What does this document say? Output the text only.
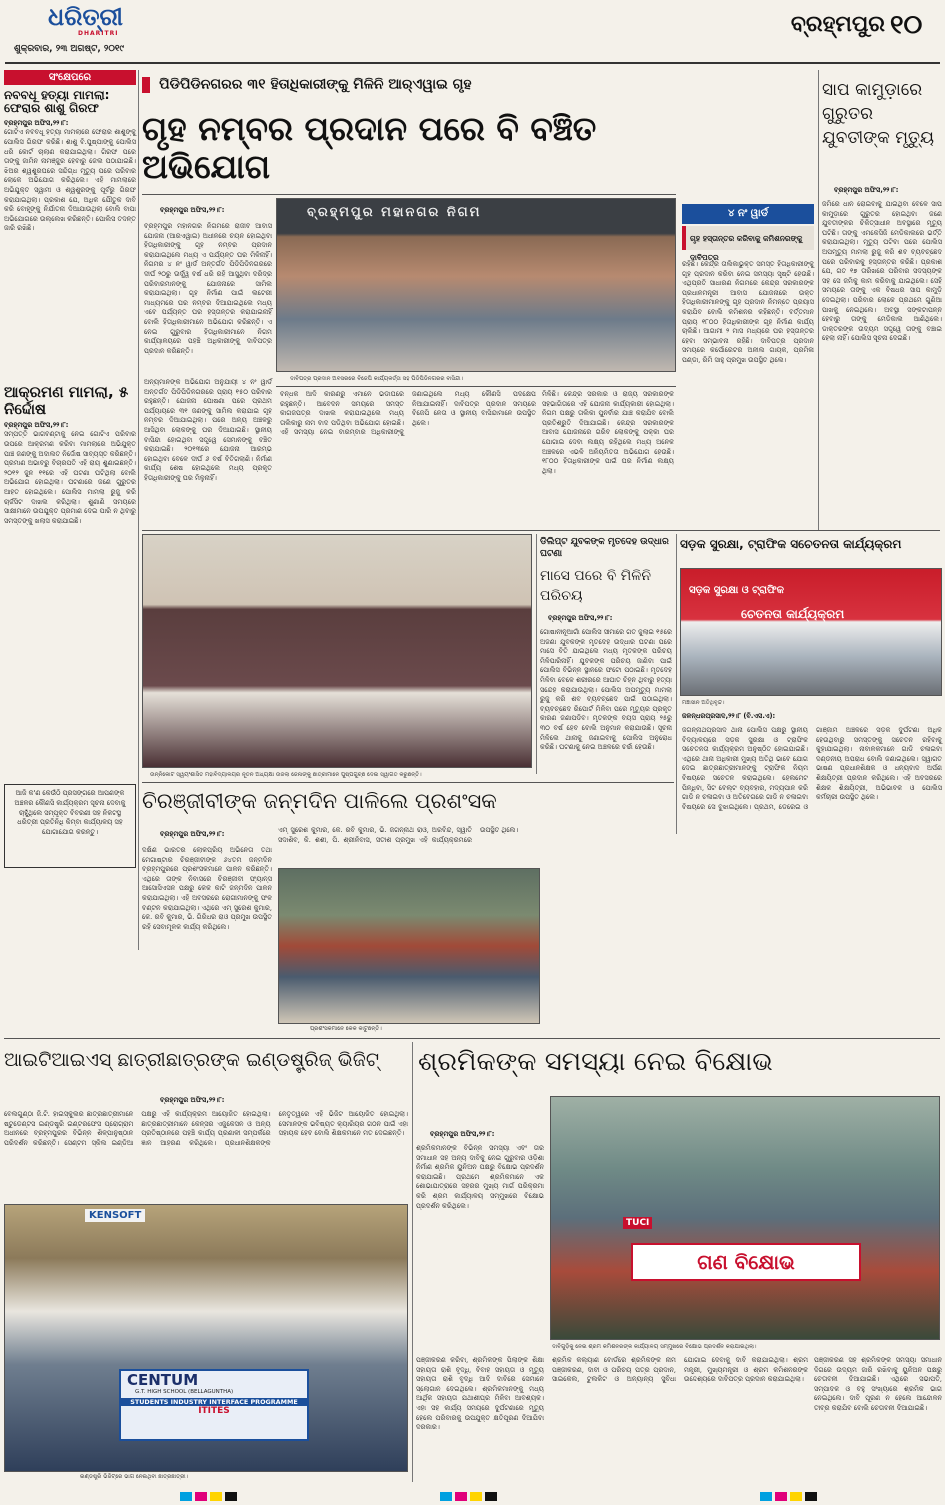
ଧରିତ୍ରୀ
DHARITRI
ଶୁକ୍ରବାର, ୨୩ ଅଗଷ୍ଟ, ୨୦୧୯
ବ୍ରହ୍ମପୁର ୧୦
ସଂକ୍ଷେପରେ
ନବବଧୂ ହତ୍ୟା ମାମଲା: ଫେରାର ଶାଶୁ ଗିରଫ
ବ୍ରହ୍ମପୁର ଅଫିସ,୨୨।୮:
ଗୋଟିଏ ନବବଧୂ ହତ୍ୟା ମାମଲାରେ ଫେରାର ଶାଶୁଙ୍କୁ ପୋଲିସ ଗିରଫ କରିଛି। ଶାଶୁ ବି.ପୁଷ୍ପାଙ୍କୁ ପୋଲିସ ଧରି କୋର୍ଟ ଚାଲାଣ କରାଯାଇଥିଲା। ଗିରଫ ପରେ ତାଙ୍କୁ ଜାମିନ ନାମଞ୍ଜୁର ହେବାରୁ ଜେଲ ପଠାଯାଇଛି। ଝିଅର ଶ୍ୱଶୁରଘରେ ସନ୍ଦିଗ୍ଧ ମୃତ୍ୟୁ ପରେ ପରିବାର ଲୋକେ ଅଭିଯୋଗ କରିଥିଲେ। ଏହି ମାମଲାରେ ଅଭିଯୁକ୍ତ ସ୍ୱାମୀ ଓ ଶ୍ୱଶୁରଙ୍କୁ ପୂର୍ବରୁ ଗିରଫ କରାଯାଇଥିଲା। ପ୍ରକାଶ ଯେ, ଅଧିକ ଯୌତୁକ ଦାବି କରି ବୋହୂଙ୍କୁ ନିର୍ଯାତନା ଦିଆଯାଉଥିଲା ବୋଲି ବାପା ଅଭିଯୋଗରେ ଉଲ୍ଲେଖ କରିଛନ୍ତି। ପୋଲିସ ତଦନ୍ତ ଜାରି ରଖିଛି।
ଆକ୍ରମଣ ମାମଲା, ୫ ନିର୍ଦ୍ଦୋଷ
ବ୍ରହ୍ମପୁର ଅଫିସ,୨୨।୮:
ସମ୍ପତ୍ତି ଭାଗବଣ୍ଟାକୁ ନେଇ ଗୋଟିଏ ପରିବାର ଉପରେ ଆକ୍ରମଣ କରିବା ମାମଲାରେ ଅଭିଯୁକ୍ତ ପାଞ୍ଚ ଜଣଙ୍କୁ ଅଦାଲତ ନିର୍ଦ୍ଦୋଷ ସାବ୍ୟସ୍ତ କରିଛନ୍ତି। ପ୍ରମାଣ ଅଭାବରୁ ବିଚାରପତି ଏହି ରାୟ ଶୁଣାଇଛନ୍ତି। ୨୦୧୨ ଜୁନ ୧୧ରେ ଏହି ଘଟଣା ଘଟିଥିଲା ବୋଲି ଅଭିଯୋଗ ହୋଇଥିଲା। ଘଟଣାରେ ଜଣେ ଗୁରୁତର ଆହତ ହୋଇଥିଲେ। ପୋଲିସ ମାମଲା ରୁଜୁ କରି ଚାର୍ଜସିଟ ଦାଖଲ କରିଥିଲା। ଶୁଣାଣି ସମୟରେ ସାକ୍ଷୀମାନେ ଉପଯୁକ୍ତ ପ୍ରମାଣ ଦେଇ ପାରି ନ ଥିବାରୁ ସମସ୍ତଙ୍କୁ ଖଲାସ କରାଯାଇଛି।
ଆଜି କ'ଣ କେଉଁଠି ପ୍ରସଙ୍ଗରେ ଆପଣଙ୍କ ଅଞ୍ଚଳର କୌଣସି କାର୍ଯ୍ୟକ୍ରମ ସୂଚନା ଦେବାକୁ ଚାହୁଁଥିଲେ ସମ୍ପୃକ୍ତ ବିବରଣୀ ସହ ନିକଟସ୍ଥ ଧରିତ୍ରୀ ପ୍ରତିନିଧି କିମ୍ବା କାର୍ଯ୍ୟାଳୟ ସହ ଯୋଗାଯୋଗ କରନ୍ତୁ।
ପିଡିପିଡିନଗରର ୩୧ ହିତାଧିକାରୀଙ୍କୁ ମିଳିନି ଆର୍‌ଏୱାଇ ଗୃହ
ଗୃହ ନମ୍ବର ପ୍ରଦାନ ପରେ ବି ବଞ୍ଚିତ ଅଭିଯୋଗ
ବ୍ରହ୍ମପୁର ଅଫିସ,୨୨।୮:
ବ୍ରହ୍ମପୁର ମହାନଗର ନିଗମରେ ରାଜୀବ ଆବାସ ଯୋଜନା (ଆରଏୱାଇ) ଅଧୀନରେ ଚୟନ ହୋଇଥିବା ହିତାଧିକାରୀଙ୍କୁ ଗୃହ ନମ୍ବର ପ୍ରଦାନ କରାଯାଇଥିଲେ ମଧ୍ୟ ଏ ପର୍ଯ୍ୟନ୍ତ ଘର ମିଳିନାହିଁ। ନିଗମର ୪ ନଂ ୱାର୍ଡ ଅନ୍ତର୍ଗତ ପିଡିପିଡିନଗରରେ ଦୀର୍ଘ ୨୦ରୁ ଊର୍ଦ୍ଧ୍ୱ ବର୍ଷ ଧରି ରହି ଆସୁଥିବା ଦରିଦ୍ର ପରିବାରମାନଙ୍କୁ ଯୋଜନାରେ ସାମିଲ କରାଯାଇଥିଲା। ଗୃହ ନିର୍ମାଣ ପାଇଁ ଲଟେରୀ ମାଧ୍ୟମରେ ଘର ନମ୍ବର ଦିଆଯାଇଥିଲେ ମଧ୍ୟ ଏବେ ପର୍ଯ୍ୟନ୍ତ ଘର ହସ୍ତାନ୍ତର କରାଯାଇନାହିଁ ବୋଲି ହିତାଧିକାରୀମାନେ ଅଭିଯୋଗ କରିଛନ୍ତି। ଏ ନେଇ ଗୁରୁବାର ହିତାଧିକାରୀମାନେ ନିଗମ କାର୍ଯ୍ୟାଳୟରେ ପହଞ୍ଚି ଅଧିକାରୀଙ୍କୁ ଦାବିପତ୍ର ପ୍ରଦାନ କରିଛନ୍ତି।
ବ୍ରହ୍ମପୁର ମହାନଗର ନିଗମ
ଦାବିପତ୍ର ପ୍ରଦାନ ଅବସରରେ ବିଜେପି କାର୍ଯ୍ୟକର୍ତ୍ତା ସହ ପିଡିପିଡିନଗରର ବାସିନ୍ଦା।
ଅନ୍ୟମାନଙ୍କ ଅଭିଯୋଗ ଅନୁଯାୟୀ ୪ ନଂ ୱାର୍ଡ ଅନ୍ତର୍ଗତ ପିଡିପିଡିନଗରରେ ପ୍ରାୟ ୧୫୦ ପରିବାର ରହୁଛନ୍ତି। ଯୋଜନା ଘୋଷଣା ପରେ ପ୍ରଥମ ପର୍ଯ୍ୟାୟରେ ୩୧ ଜଣଙ୍କୁ ସାମିଲ କରାଯାଇ ଗୃହ ନମ୍ବର ଦିଆଯାଇଥିଲା। ପରେ ଅନ୍ୟ ଅଞ୍ଚଳରୁ ଆସିଥିବା ଲୋକଙ୍କୁ ଘର ଦିଆଯାଇଛି। ସ୍ଥାନୀୟ ବାସିନ୍ଦା ହୋଇଥିବା ସତ୍ତ୍ୱେ ସେମାନଙ୍କୁ ବଞ୍ଚିତ କରାଯାଇଛି। ୨୦୧୩ରେ ଯୋଜନା ଆରମ୍ଭ ହୋଇଥିବା ବେଳେ ଦୀର୍ଘ ୬ ବର୍ଷ ବିତିଗଲାଣି। ନିର୍ମାଣ କାର୍ଯ୍ୟ ଶେଷ ହୋଇଥିଲେ ମଧ୍ୟ ପ୍ରକୃତ ହିତାଧିକାରୀଙ୍କୁ ଘର ମିଳୁନାହିଁ।
ବନ୍ଧକ ଆଦି କାରଣରୁ ଏମାନେ ଭଡାଘରେ ରହୁଛନ୍ତି। ଆବେଦନ ସମୟରେ ସମସ୍ତ କାଗଜପତ୍ର ଦାଖଲ କରାଯାଇଥିଲେ ମଧ୍ୟ ତାଲିକାରୁ ନାମ ବାଦ ପଡିଥିବା ଅଭିଯୋଗ ହୋଇଛି। ଏହି ସମସ୍ୟା ନେଇ ବାରମ୍ବାର ଅଧିକାରୀଙ୍କୁ ଜଣାଇଥିଲେ ମଧ୍ୟ କୌଣସି ପଦକ୍ଷେପ ନିଆଯାଇନାହିଁ। ଦାବିପତ୍ର ପ୍ରଦାନ ସମୟରେ ବିଜେପି ନେତା ଓ ସ୍ଥାନୀୟ ବାସିନ୍ଦାମାନେ ଉପସ୍ଥିତ ଥିଲେ।
ମିଳିଛି। କେନ୍ଦ୍ର ସରକାର ଓ ରାଜ୍ୟ ସରକାରଙ୍କ ସହଭାଗିତାରେ ଏହି ଯୋଜନା କାର୍ଯ୍ୟକାରୀ ହୋଇଥିଲା। ନିଗମ ପକ୍ଷରୁ ତାଲିକା ପୁନର୍ବାର ଯାଞ୍ଚ କରାଯିବ ବୋଲି ପ୍ରତିଶ୍ରୁତି ଦିଆଯାଇଛି। କେନ୍ଦ୍ର ସରକାରଙ୍କ ଆବାସ ଯୋଜନାରେ ଗରିବ ଲୋକଙ୍କୁ ପକ୍କା ଘର ଯୋଗାଇ ଦେବା ଲକ୍ଷ୍ୟ ରହିଥିଲେ ମଧ୍ୟ ଅନେକ ଅଞ୍ଚଳରେ ଏଭଳି ଅନିୟମିତତା ଅଭିଯୋଗ ହେଉଛି। ୧୮୦୦ ହିତାଧିକାରୀଙ୍କ ପାଇଁ ଘର ନିର୍ମାଣ ଲକ୍ଷ୍ୟ ଥିଲା।
ସାପ କାମୁଡ଼ାରେ ଗୁରୁତର ଯୁବତୀଙ୍କ ମୃତ୍ୟୁ
ବ୍ରହ୍ମପୁର ଅଫିସ,୨୨।୮:
ଜମିରେ ଧାନ ରୋଇବାକୁ ଯାଇଥିବା ବେଳେ ସାପ କାମୁଡ଼ାରେ ଗୁରୁତର ହୋଇଥିବା ଜଣେ ଯୁବତୀଙ୍କର ଚିକିତ୍ସାଧୀନ ଅବସ୍ଥାରେ ମୃତ୍ୟୁ ଘଟିଛି। ତାଙ୍କୁ ଏମକେସିଜି ମେଡିକାଲରେ ଭର୍ତ୍ତି କରାଯାଇଥିଲା। ମୃତ୍ୟୁ ଘଟିବା ପରେ ପୋଲିସ ଅପମୃତ୍ୟୁ ମାମଲା ରୁଜୁ କରି ଶବ ବ୍ୟବଚ୍ଛେଦ ପରେ ପରିବାରକୁ ହସ୍ତାନ୍ତର କରିଛି। ପ୍ରକାଶ ଯେ, ଗତ ୧୭ ତାରିଖରେ ପରିବାର ସଦସ୍ୟଙ୍କ ସହ ସେ ଜମିକୁ କାମ କରିବାକୁ ଯାଇଥିଲେ। ସେହି ସମୟରେ ତାଙ୍କୁ ଏକ ବିଷଧର ସାପ କାମୁଡ଼ି ଦେଇଥିଲା। ପରିବାର ଲୋକେ ପ୍ରଥମେ ଗୁଣିଆ ପାଖକୁ ନେଇଥିଲେ। ଅବସ୍ଥା ସଙ୍କଟାପନ୍ନ ହେବାରୁ ତାଙ୍କୁ ମେଡିକାଲ ଆଣିଥିଲେ। ଡାକ୍ତରଙ୍କ ଉଦ୍ୟମ ସତ୍ତ୍ୱେ ତାଙ୍କୁ ବଞ୍ଚାଇ ହେଲା ନାହିଁ। ପୋଲିସ ସୂଚନା ଦେଇଛି।
୪ ନଂ ୱାର୍ଡ
ଗୃହ ହସ୍ତାନ୍ତର କରିବାକୁ କମିଶନରଙ୍କୁ ଦାବିପତ୍ର
ରହିଛି। କେନ୍ଦ୍ର ତାଲିକାଭୁକ୍ତ ସମସ୍ତ ହିତାଧିକାରୀଙ୍କୁ ଗୃହ ପ୍ରଦାନ କରିବା ନେଇ ସମସ୍ୟା ସୃଷ୍ଟି ହେଉଛି। ଏଥିପ୍ରତି ସାଧାରଣ ନିଗମରେ କେନ୍ଦ୍ର ସରକାରଙ୍କ ପ୍ରଧାନମନ୍ତ୍ରୀ ଆବାସ ଯୋଜନାରେ ଉକ୍ତ ହିତାଧିକାରୀମାନଙ୍କୁ ଗୃହ ପ୍ରଦାନ ନିମନ୍ତେ ପ୍ରୟାସ କରାଯିବ ବୋଲି କମିଶନର କହିଛନ୍ତି। ବର୍ତ୍ତମାନ ପ୍ରାୟ ୧୮୦୦ ହିତାଧିକାରୀଙ୍କ ଗୃହ ନିର୍ମାଣ କାର୍ଯ୍ୟ ଚାଲିଛି। ଆଗାମୀ ୨ ମାସ ମଧ୍ୟରେ ଘର ହସ୍ତାନ୍ତର ହେବା ସମ୍ଭାବନା ରହିଛି। ଦାବିପତ୍ର ପ୍ରଦାନ ସମୟରେ କର୍ପୋରେଟର ଅନୀଲ ଗାୟକ, ପ୍ରମିଳା ପଣ୍ଡା, ରିମି ସାହୁ ପ୍ରମୁଖ ଉପସ୍ଥିତ ଥିଲେ।
ଉନ୍ନିକୋଟ ସ୍ୱୟଂଶାସିତ ମହାବିଦ୍ୟାଳୟର ନୂତନ ଅଧ୍ୟକ୍ଷା ଉଜଲା ଜେନାଙ୍କୁ ଛାତ୍ରୀମାନେ ପୁଷ୍ପଗୁଚ୍ଛ ଦେଇ ସ୍ୱାଗତ କରୁଛନ୍ତି।
ଡିଲିପ୍ଟ ଯୁବକଙ୍କ ମୃତଦେହ ଉଦ୍ଧାର ଘଟଣା
ମାସେ ପରେ ବି ମିଳିନି ପରିଚୟ
ବ୍ରହ୍ମପୁର ଅଫିସ,୨୨।୮:
ଗୋଷାନୀନୂଆଗାଁ ପୋଲିସ ସୀମାରେ ଗତ ଜୁଲାଇ ୧୫ରେ ଅଜଣା ଯୁବକଙ୍କ ମୃତଦେହ ଉଦ୍ଧାର ଘଟଣା ପରେ ମାସେ ବିତି ଯାଇଥିଲେ ମଧ୍ୟ ମୃତକଙ୍କ ପରିଚୟ ମିଳିପାରିନାହିଁ। ଯୁବକଙ୍କ ପରିଚୟ ଜାଣିବା ପାଇଁ ପୋଲିସ ବିଭିନ୍ନ ସ୍ଥାନରେ ଫଟୋ ପଠାଇଛି। ମୃତଦେହ ମିଳିବା ବେଳେ ଶରୀରରେ ଆଘାତ ଚିହ୍ନ ଥିବାରୁ ହତ୍ୟା ସନ୍ଦେହ କରାଯାଉଥିଲା। ପୋଲିସ ଅପମୃତ୍ୟୁ ମାମଲା ରୁଜୁ କରି ଶବ ବ୍ୟବଚ୍ଛେଦ ପାଇଁ ପଠାଇଥିଲା। ବ୍ୟବଚ୍ଛେଦ ରିପୋର୍ଟ ମିଳିବା ପରେ ମୃତ୍ୟୁର ପ୍ରକୃତ କାରଣ ଜଣାପଡିବ। ମୃତକଙ୍କ ବୟସ ପ୍ରାୟ ୨୫ରୁ ୩୦ ବର୍ଷ ହେବ ବୋଲି ଅନୁମାନ କରାଯାଉଛି। ସୂଚନା ମିଳିଲେ ଥାନାକୁ ଜଣାଇବାକୁ ପୋଲିସ ଅନୁରୋଧ କରିଛି। ଘଟଣାକୁ ନେଇ ଅଞ୍ଚଳରେ ଚର୍ଚ୍ଚା ହେଉଛି।
ସଡ଼କ ସୁରକ୍ଷା, ଟ୍ରାଫିକ ସଚେତନତା କାର୍ଯ୍ୟକ୍ରମ
ସଡ଼କ ସୁରକ୍ଷା ଓ ଟ୍ରାଫିକ
ଚେତନତା କାର୍ଯ୍ୟକ୍ରମ
ମଞ୍ଚାସୀନ ଅତିଥିବୃନ୍ଦ।
ଜଳନ୍ଧରପ୍ରସାଦ,୨୨।୮ (ବି.ଏସ.ଏ):
ଜଗନ୍ନାଥପ୍ରସାଦ ଥାନା ପୋଲିସ ପକ୍ଷରୁ ସ୍ଥାନୀୟ ବିଦ୍ୟାଳୟରେ ସଡ଼କ ସୁରକ୍ଷା ଓ ଟ୍ରାଫିକ ସଚେତନତା କାର୍ଯ୍ୟକ୍ରମ ଅନୁଷ୍ଠିତ ହୋଇଯାଇଛି। ଏଥିରେ ଥାନା ଅଧିକାରୀ ମୁଖ୍ୟ ଅତିଥି ଭାବେ ଯୋଗ ଦେଇ ଛାତ୍ରଛାତ୍ରୀମାନଙ୍କୁ ଟ୍ରାଫିକ ନିୟମ ବିଷୟରେ ସଚେତନ କରାଇଥିଲେ। ହେଲମେଟ ପିନ୍ଧିବା, ସିଟ ବେଲ୍ଟ ବ୍ୟବହାର, ମଦ୍ୟପାନ କରି ଗାଡି ନ ଚଳାଇବା ଓ ଅତିବେଗରେ ଗାଡି ନ ଚଳାଇବା ବିଷୟରେ ସେ ବୁଝାଇଥିଲେ। ପ୍ରଥମ, ଡେରେଇ ଓ ଗାଞ୍ଜାମ ଅଞ୍ଚଳରେ ସଡ଼କ ଦୁର୍ଘଟଣା ଅଧିକ ହେଉଥିବାରୁ ସମସ୍ତଙ୍କୁ ସଚେତନ ରହିବାକୁ କୁହାଯାଇଥିଲା। ନାବାଳକମାନେ ଗାଡି ଚଳାଇବା ଦଣ୍ଡନୀୟ ଅପରାଧ ବୋଲି ଜଣାଇଥିଲେ। ସ୍ୱାଗତ ଭାଷଣ ପ୍ରଧାନଶିକ୍ଷକ ଓ ଧନ୍ୟବାଦ ଅର୍ପଣ ଶିକ୍ଷୟିତ୍ରୀ ପ୍ରଦାନ କରିଥିଲେ। ଏହି ଅବସରରେ ଶିକ୍ଷକ ଶିକ୍ଷୟିତ୍ରୀ, ଅଭିଭାବକ ଓ ପୋଲିସ କର୍ମଚାରୀ ଉପସ୍ଥିତ ଥିଲେ।
ଚିରଞ୍ଜୀବୀଙ୍କ ଜନ୍ମଦିନ ପାଳିଲେ ପ୍ରଶଂସକ
ବ୍ରହ୍ମପୁର ଅଫିସ,୨୨।୮:
ଦକ୍ଷିଣ ଭାରତର ଲୋକପ୍ରିୟ ଅଭିନେତା ତଥା ମେଗାଷ୍ଟାର ଚିରଞ୍ଜୀବୀଙ୍କ ୬୪ତମ ଜନ୍ମଦିନ ବ୍ରହ୍ମପୁରରେ ପ୍ରଶଂସକମାନେ ପାଳନ କରିଛନ୍ତି। ଏଥିରେ ତାଙ୍କ ନିବାସରେ ଚିରଞ୍ଜୀବୀ ଫ୍ୟାନ୍ସ ଆସୋସିଏସନ ପକ୍ଷରୁ କେକ କାଟି ଜନ୍ମଦିନ ପାଳନ କରାଯାଇଥିଲା। ଏହି ଅବସରରେ ରୋଗୀମାନଙ୍କୁ ଫଳ ବଣ୍ଟନ କରାଯାଇଥିଲା। ଏଥିରେ ଏମ୍‌ ସୁରେଶ କୁମାର, କେ. ରବି କୁମାର, ଭି. ଗିରିଧର ରାଓ ପ୍ରମୁଖ ଉପସ୍ଥିତ ରହି ସେବାମୂଳକ କାର୍ଯ୍ୟ କରିଥିଲେ।
ଏମ୍‌ ସୁରେଶ କୁମାର, କେ. ରବି କୁମାର, ଭି. ଜଗନ୍ନାଥ ରାଓ, ଅରବିନ୍ଦ, ସ୍ୱାତି ସଦାଶିବ, କି. ଶଶୀ, ପି. ଶ୍ରୀନିବାସ, ସତୀଶ ପ୍ରମୁଖ ଏହି କାର୍ଯ୍ୟକ୍ରମରେ ଉପସ୍ଥିତ ଥିଲେ।
ପ୍ରଶଂସକମାନେ କେକ କାଟୁଛନ୍ତି।
ଆଇଟିଆଇଏସ୍‌ ଛାତ୍ରୀଛାତ୍ରଙ୍କ ଇଣ୍ଡଷ୍ଟ୍ରିଜ୍ ଭିଜିଟ୍
ବ୍ରହ୍ମପୁର ଅଫିସ,୨୨।୮:
ବେଲଗୁଣ୍ଠା ଜି.ଟି. ହାଇସ୍କୁଲର ଛାତ୍ରଛାତ୍ରୀମାନେ ଷ୍ଟୁଡେଣ୍ଟସ ଇଣ୍ଡଷ୍ଟ୍ରି ଇଣ୍ଟରଫେସ ପ୍ରୋଗ୍ରାମ ଅଧୀନରେ ବ୍ରହ୍ମପୁରର ବିଭିନ୍ନ ଶିଳ୍ପାନୁଷ୍ଠାନ ପରିଦର୍ଶନ କରିଛନ୍ତି। ସେଣ୍ଟମ ସ୍କିଲ ଇଣ୍ଡିଆ ପକ୍ଷରୁ ଏହି କାର୍ଯ୍ୟକ୍ରମ ଆୟୋଜିତ ହୋଇଥିଲା। ଛାତ୍ରଛାତ୍ରୀମାନେ କେନ୍‌ସର ଏଜୁକେସନ ଓ ଅନ୍ୟ ପ୍ରତିଷ୍ଠାନରେ ପହଞ୍ଚି କାର୍ଯ୍ୟ ପ୍ରଣାଳୀ ସମ୍ପର୍କରେ ଜ୍ଞାନ ଆହରଣ କରିଥିଲେ। ପ୍ରଧାନଶିକ୍ଷକଙ୍କ ନେତୃତ୍ୱରେ ଏହି ଭିଜିଟ ଆୟୋଜିତ ହୋଇଥିଲା। ସେମାନଙ୍କ ଭବିଷ୍ୟତ କ୍ୟାରିୟର ଗଠନ ପାଇଁ ଏହା ସହାୟକ ହେବ ବୋଲି ଶିକ୍ଷକମାନେ ମତ ଦେଇଛନ୍ତି।
KENSOFT
CENTUM
G.T. HIGH SCHOOL (BELLAGUNTHA)
STUDENTS INDUSTRY INTERFACE PROGRAMME
ITITES
ଇଣ୍ଡଷ୍ଟ୍ରି ଭିଜିଟ୍‌ରେ ଭାଗ ନେଇଥିବା ଛାତ୍ରଛାତ୍ରୀ।
ଶ୍ରମିକଙ୍କ ସମସ୍ୟା ନେଇ ବିକ୍ଷୋଭ
ବ୍ରହ୍ମପୁର ଅଫିସ,୨୨।୮:
ଶ୍ରମିକମାନଙ୍କ ବିଭିନ୍ନ ସମସ୍ୟା ଏବଂ ତାର ସମାଧାନ ସହ ଅନ୍ୟ ଦାବିକୁ ନେଇ ଗୁରୁବାର ଓଡ଼ିଶା ନିର୍ମାଣ ଶ୍ରମିକ ୟୁନିଅନ ପକ୍ଷରୁ ବିକ୍ଷୋଭ ପ୍ରଦର୍ଶନ କରାଯାଇଛି। ପ୍ରଥମେ ଶ୍ରମିକମାନେ ଏକ ଶୋଭାଯାତ୍ରାରେ ସହରର ମୁଖ୍ୟ ମାର୍ଗ ପରିକ୍ରମା କରି ଶ୍ରମ କାର୍ଯ୍ୟାଳୟ ସମ୍ମୁଖରେ ବିକ୍ଷୋଭ ପ୍ରଦର୍ଶନ କରିଥିଲେ।
ଗଣ ବିକ୍ଷୋଭ
TUCI
ଦାବିଗୁଡ଼ିକୁ ନେଇ ଶ୍ରମ କମିଶନରଙ୍କ କାର୍ଯ୍ୟାଳୟ ସମ୍ମୁଖରେ ବିକ୍ଷୋଭ ପ୍ରଦର୍ଶନ କରାଯାଇଥିଲା।
ପଞ୍ଜୀକରଣ କରିବା, ଶ୍ରମିକଙ୍କ ପିଲାଙ୍କ ଶିକ୍ଷା ସହାୟତା ରାଶି ବୃଦ୍ଧି, ବିବାହ ସହାୟତା ଓ ମୃତ୍ୟୁ ସହାୟତା ରାଶି ବୃଦ୍ଧି ଆଦି ଦାବିରେ ସେମାନେ ସ୍ଲୋଗାନ ଦେଇଥିଲେ। ଶ୍ରମିକମାନଙ୍କୁ ମଧ୍ୟ ଆର୍ଥିକ ସହାୟତା ଯଥାଶୀଘ୍ର ମିଳିବା ଆବଶ୍ୟକ। ଏହା ସହ କାର୍ଯ୍ୟ ସମୟରେ ଦୁର୍ଘଟଣାରେ ମୃତ୍ୟୁ ହେଲେ ପରିବାରକୁ ଉପଯୁକ୍ତ କ୍ଷତିପୂରଣ ଦିଆଯିବା ଦରକାର।
ଶ୍ରମିକ କଲ୍ୟାଣ ବୋର୍ଡରେ ଶ୍ରମିକଙ୍କ ନାମ ପଞ୍ଜୀକରଣ, ଦାବୀ ଓ ପରିଚୟ ପତ୍ର ପ୍ରଦାନ, ସାଇକେଲ, ଟୁଲକିଟ ଓ ଅନ୍ୟାନ୍ୟ ସୁବିଧା ଯୋଗାଇ ଦେବାକୁ ଦାବି କରାଯାଇଥିଲା। ଶ୍ରମ ମନ୍ତ୍ରୀ, ମୁଖ୍ୟମନ୍ତ୍ରୀ ଓ ଶ୍ରମ କମିଶନରଙ୍କ ଉଦ୍ଦେଶ୍ୟରେ ଦାବିପତ୍ର ପ୍ରଦାନ କରାଯାଇଥିଲା।
ପଞ୍ଜୀକରଣ ସହ ଶ୍ରମିକଙ୍କ ସମସ୍ୟା ସମାଧାନ ଦିଗରେ ଉଦ୍ୟମ ଜାରି ରଖିବାକୁ ୟୁନିଅନ ପକ୍ଷରୁ ଚେତାବନୀ ଦିଆଯାଇଛି। ଏଥିରେ ସଭାପତି, ସମ୍ପାଦକ ଓ ବହୁ ସଂଖ୍ୟାରେ ଶ୍ରମିକ ଭାଗ ନେଇଥିଲେ। ଦାବି ପୂରଣ ନ ହେଲେ ଆନ୍ଦୋଳନ ତୀବ୍ର କରାଯିବ ବୋଲି ଚେତାବନୀ ଦିଆଯାଇଛି।
